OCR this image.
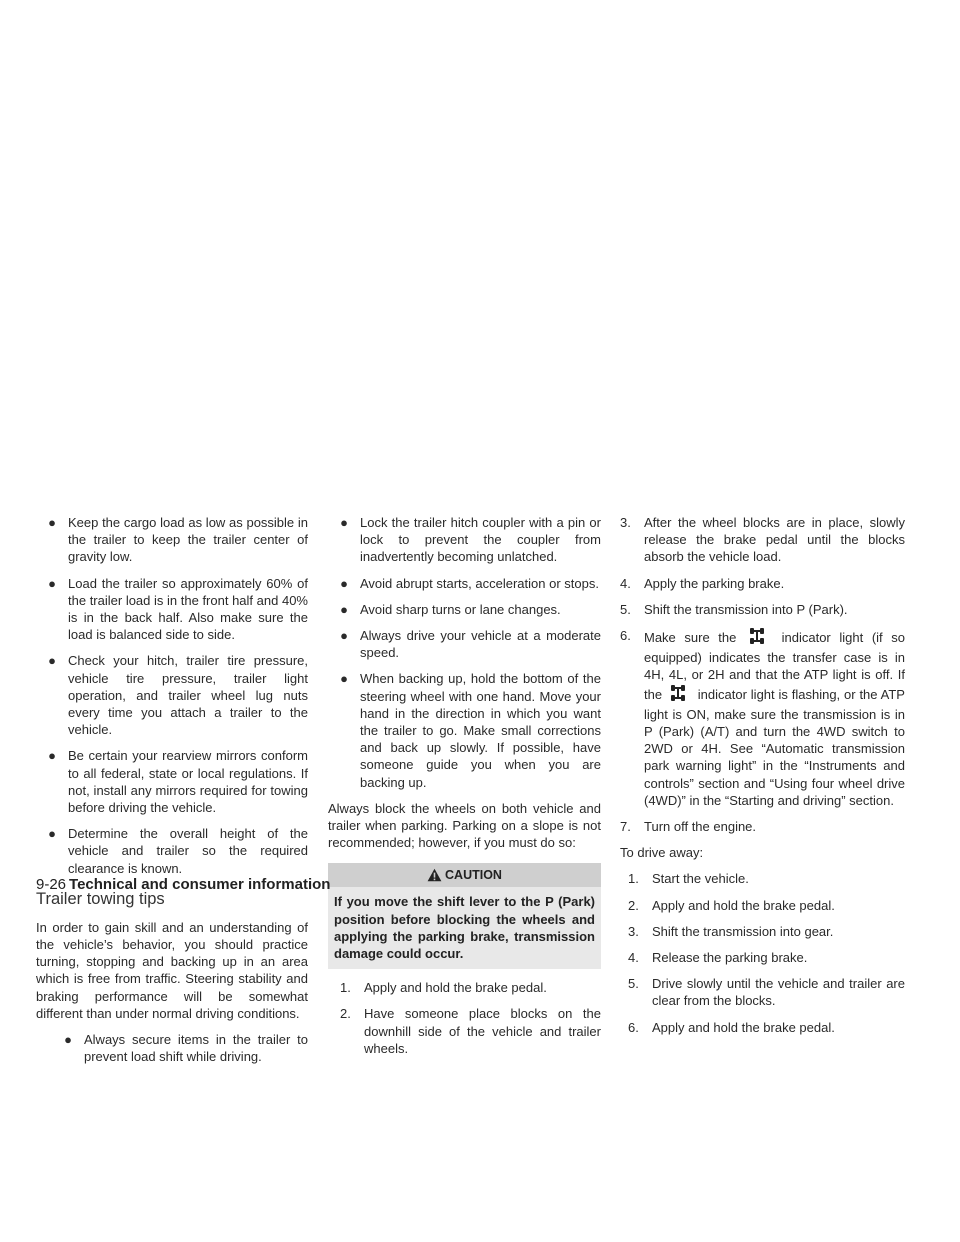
● Keep the cargo load as low as possible in the trailer to keep the trailer center of gravity low.
● Load the trailer so approximately 60% of the trailer load is in the front half and 40% is in the back half. Also make sure the load is balanced side to side.
● Check your hitch, trailer tire pressure, vehicle tire pressure, trailer light operation, and trailer wheel lug nuts every time you attach a trailer to the vehicle.
● Be certain your rearview mirrors conform to all federal, state or local regulations. If not, install any mirrors required for towing before driving the vehicle.
● Determine the overall height of the vehicle and trailer so the required clearance is known.
Trailer towing tips

In order to gain skill and an understanding of the vehicle’s behavior, you should practice turning, stopping and backing up in an area which is free from traffic. Steering stability and braking performance will be somewhat different than under normal driving conditions.

● Always secure items in the trailer to prevent load shift while driving.
● Lock the trailer hitch coupler with a pin or lock to prevent the coupler from inadvertently becoming unlatched.
● Avoid abrupt starts, acceleration or stops.
● Avoid sharp turns or lane changes.
● Always drive your vehicle at a moderate speed.
● When backing up, hold the bottom of the steering wheel with one hand. Move your hand in the direction in which you want the trailer to go. Make small corrections and back up slowly. If possible, have someone guide you when you are backing up.

Always block the wheels on both vehicle and trailer when parking. Parking on a slope is not recommended; however, if you must do so:

CAUTION
If you move the shift lever to the P (Park) position before blocking the wheels and applying the parking brake, transmission damage could occur.
1. Apply and hold the brake pedal.
2. Have someone place blocks on the downhill side of the vehicle and trailer wheels.
3. After the wheel blocks are in place, slowly release the brake pedal until the blocks absorb the vehicle load.
4. Apply the parking brake.
5. Shift the transmission into P (Park).
6. Make sure the	indicator light (if so equipped) indicates the transfer case is in 4H, 4L, or 2H and that the ATP light is off. If the	indicator light is flashing, or the ATP light is ON, make sure the transmission is in P (Park) (A/T) and turn the 4WD switch to 2WD or 4H. See “Automatic transmission park warning light” in the “Instruments and controls” section and “Using four wheel drive (4WD)” in the “Starting and driving” section.
7. Turn off the engine.

To drive away:

1. Start the vehicle.
2. Apply and hold the brake pedal.
3. Shift the transmission into gear.
4. Release the parking brake.
5. Drive slowly until the vehicle and trailer are clear from the blocks.
6. Apply and hold the brake pedal.
9-26 Technical and consumer information
